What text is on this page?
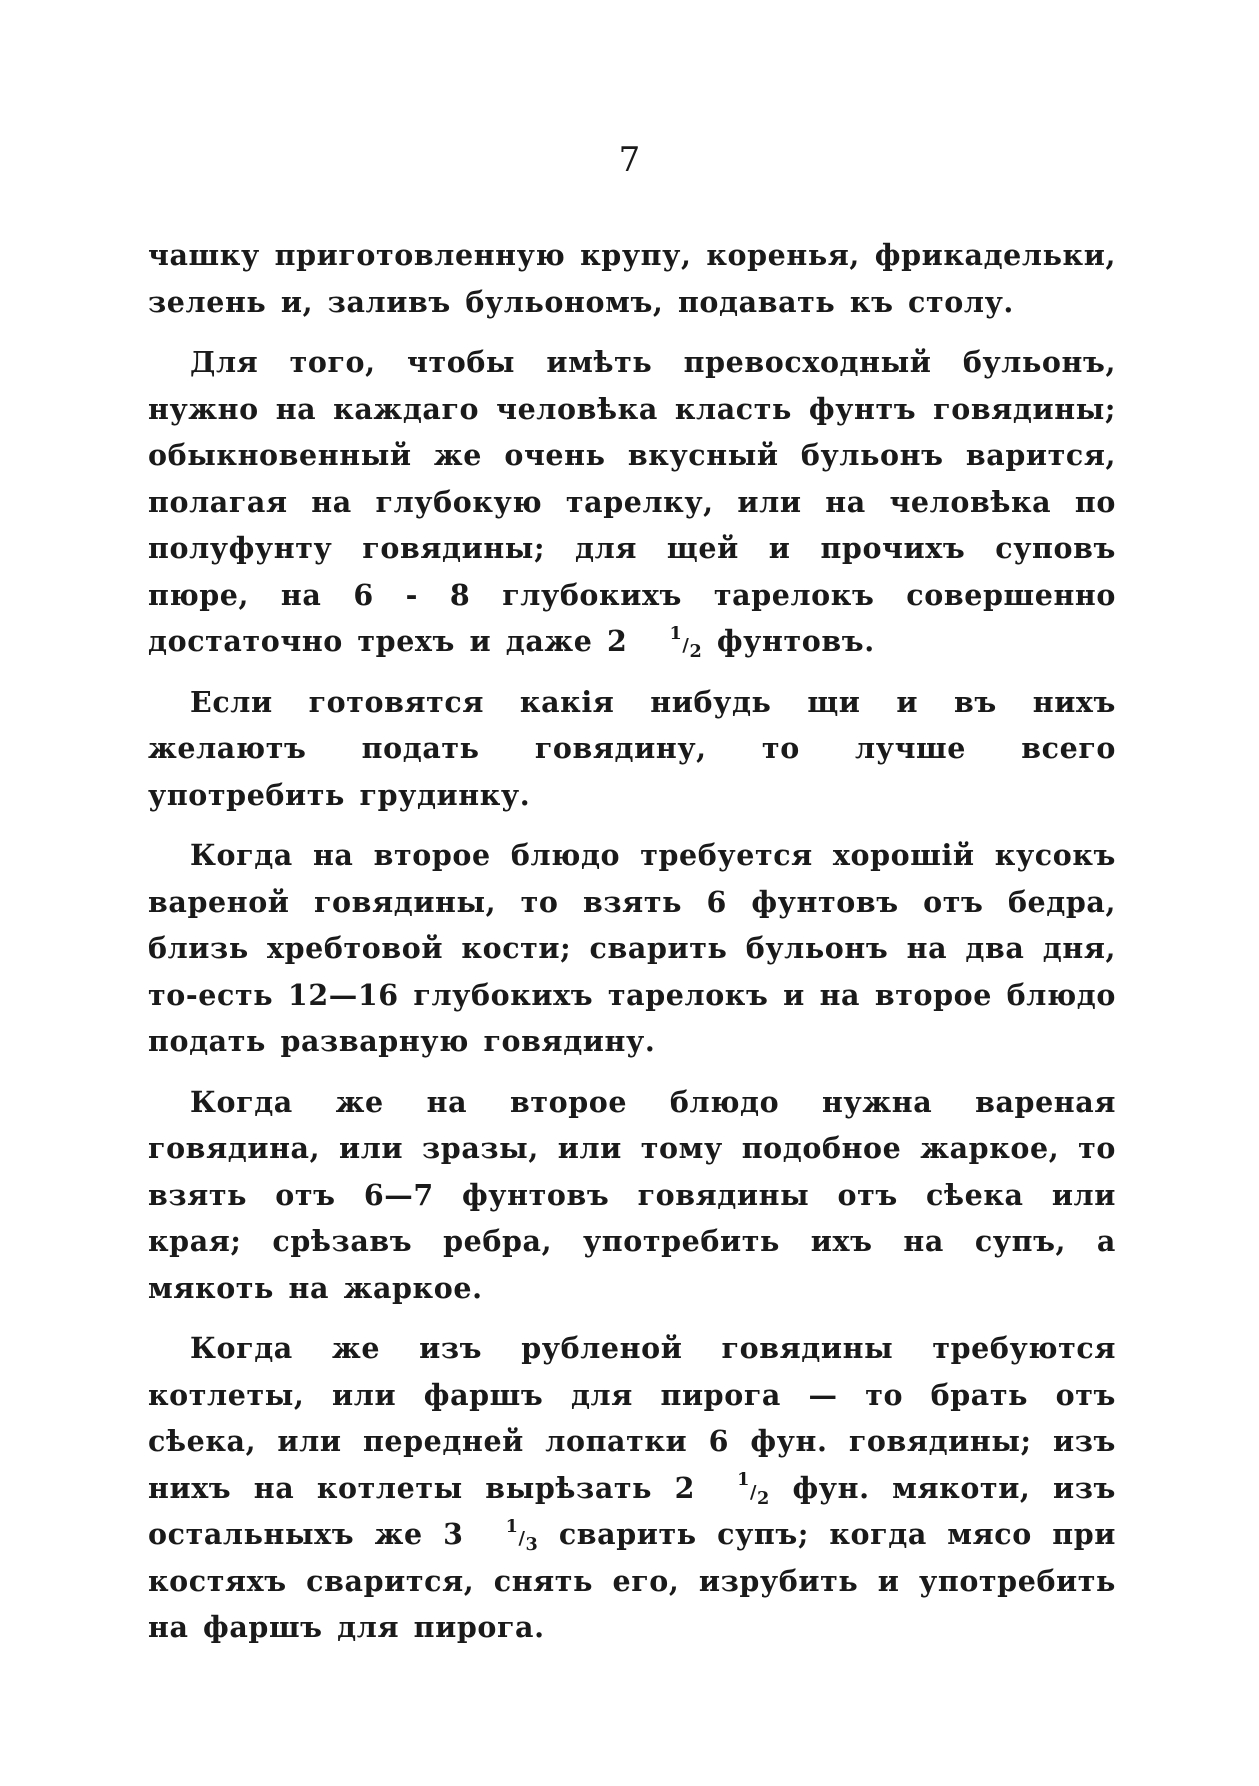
7

чашку приготовленную крупу, коренья, фрикадельки, зелень и, заливъ бульономъ, подавать къ столу.

Для того, чтобы имѣть превосходный бульонъ, нужно на каждаго человѣка класть фунтъ говядины; обыкновенный же очень вкусный бульонъ варится, полагая на глубокую тарелку, или на человѣка по полуфунту говядины; для щей и прочихъ суповъ пюре, на 6 - 8 глубокихъ тарелокъ совершенно достаточно трехъ и даже 2 1/2 фунтовъ.

Если готовятся какія нибудь щи и въ нихъ желаютъ подать говядину, то лучше всего употребить грудинку.

Когда на второе блюдо требуется хорошій кусокъ вареной говядины, то взять 6 фунтовъ отъ бедра, близь хребтовой кости; сварить бульонъ на два дня, то-есть 12—16 глубокихъ тарелокъ и на второе блюдо подать разварную говядину.

Когда же на второе блюдо нужна вареная говядина, или зразы, или тому подобное жаркое, то взять отъ 6—7 фунтовъ говядины отъ сѣека или края; срѣзавъ ребра, употребить ихъ на супъ, а мякоть на жаркое.

Когда же изъ рубленой говядины требуются котлеты, или фаршъ для пирога — то брать отъ сѣека, или передней лопатки 6 фун. говядины; изъ нихъ на котлеты вырѣзать 2 1/2 фун. мякоти, изъ остальныхъ же 3 1/3 сварить супъ; когда мясо при костяхъ сварится, снять его, изрубить и употребить на фаршъ для пирога.
